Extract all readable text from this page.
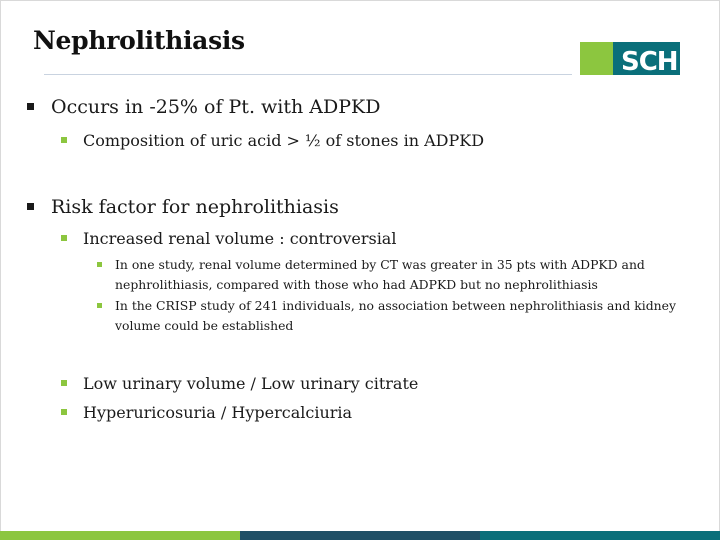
Nephrolithiasis
SCH
Occurs in -25% of Pt. with ADPKD
Composition of uric acid > ½ of stones in ADPKD
Risk factor for nephrolithiasis
Increased renal volume : controversial
In one study, renal volume determined by CT was greater in 35 pts with ADPKD and nephrolithiasis, compared with those who had ADPKD but no nephrolithiasis
In the CRISP study of 241 individuals, no association between nephrolithiasis and kidney volume could be established
Low urinary volume / Low urinary citrate
Hyperuricosuria / Hypercalciuria
